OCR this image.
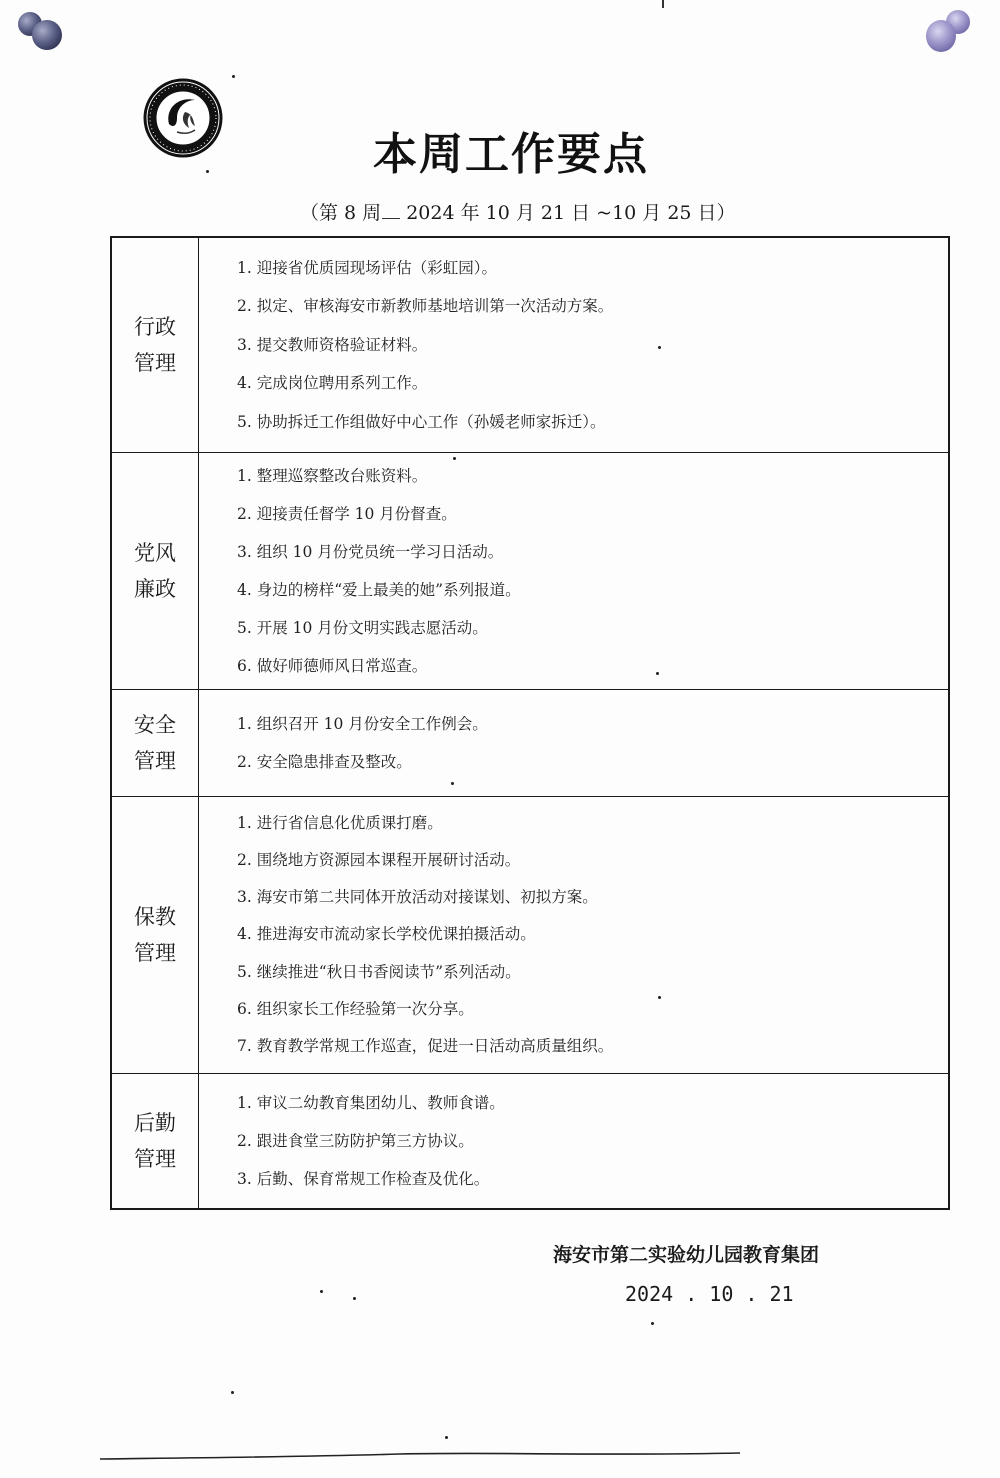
本周工作要点
（第 8 周 2024 年 10 月 21 日 ~10 月 25 日）
行政
管理

1. 迎接省优质园现场评估（彩虹园）。
2. 拟定、审核海安市新教师基地培训第一次活动方案。
3. 提交教师资格验证材料。
4. 完成岗位聘用系列工作。
5. 协助拆迁工作组做好中心工作（孙媛老师家拆迁）。

党风
廉政

1. 整理巡察整改台账资料。
2. 迎接责任督学 10 月份督查。
3. 组织 10 月份党员统一学习日活动。
4. 身边的榜样“爱上最美的她”系列报道。
5. 开展 10 月份文明实践志愿活动。
6. 做好师德师风日常巡查。

安全
管理

1. 组织召开 10 月份安全工作例会。
2. 安全隐患排查及整改。

保教
管理

1. 进行省信息化优质课打磨。
2. 围绕地方资源园本课程开展研讨活动。
3. 海安市第二共同体开放活动对接谋划、初拟方案。
4. 推进海安市流动家长学校优课拍摄活动。
5. 继续推进“秋日书香阅读节”系列活动。
6. 组织家长工作经验第一次分享。
7. 教育教学常规工作巡查，促进一日活动高质量组织。

后勤
管理

1. 审议二幼教育集团幼儿、教师食谱。
2. 跟进食堂三防防护第三方协议。
3. 后勤、保育常规工作检查及优化。
海安市第二实验幼儿园教育集团
2024 . 10 . 21
